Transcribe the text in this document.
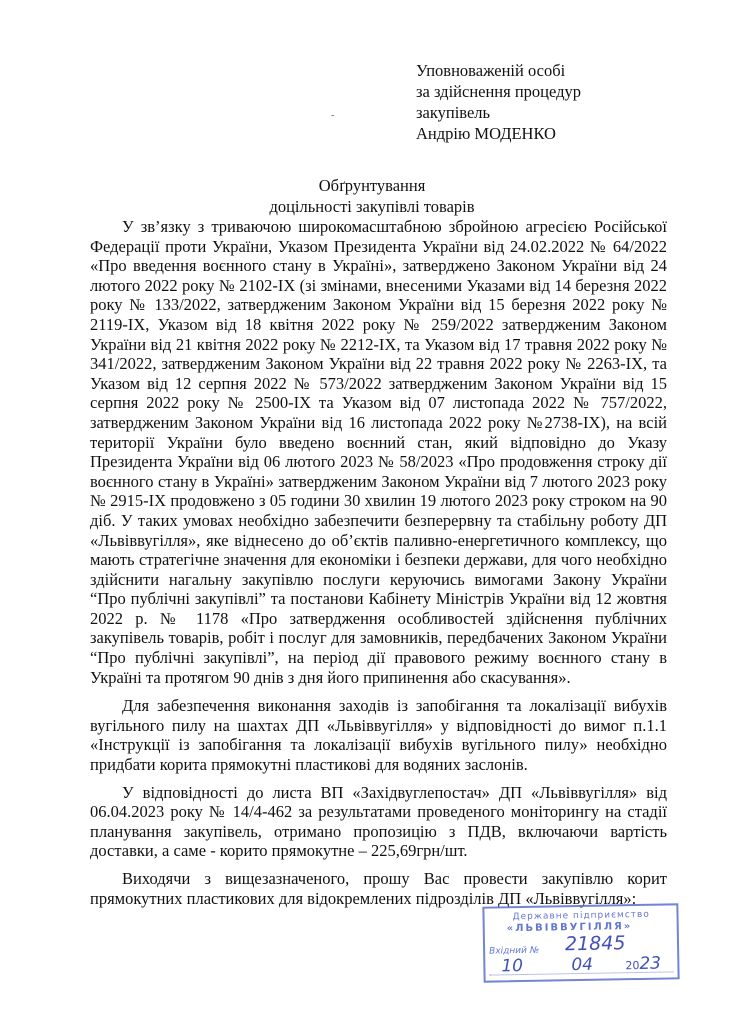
Уповноваженій особі
за здійснення процедур
закупівель
Андрію МОДЕНКО
-
Обґрунтування
доцільності закупівлі товарів

У зв’язку з триваючою широкомасштабною збройною агресією Російської Федерації проти України, Указом Президента України від 24.02.2022 № 64/2022 «Про введення воєнного стану в Україні», затверджено Законом України від 24 лютого 2022 року № 2102-IX (зі змінами, внесеними Указами від 14 березня 2022 року № 133/2022, затвердженим Законом України від 15 березня 2022 року № 2119-IX, Указом від 18 квітня 2022 року № 259/2022 затвердженим Законом України від 21 квітня 2022 року № 2212-IX, та Указом від 17 травня 2022 року № 341/2022, затвердженим Законом України від 22 травня 2022 року № 2263-IX, та Указом від 12 серпня 2022 № 573/2022 затвердженим Законом України від 15 серпня 2022 року № 2500-IX та Указом від 07 листопада 2022 № 757/2022, затвердженим Законом України від 16 листопада 2022 року №2738-IX), на всій території України було введено воєнний стан, який відповідно до Указу Президента України від 06 лютого 2023 № 58/2023 «Про продовження строку дії воєнного стану в Україні» затвердженим Законом України від 7 лютого 2023 року № 2915-IX продовжено з 05 години 30 хвилин 19 лютого 2023 року строком на 90 діб. У таких умовах необхідно забезпечити безперервну та стабільну роботу ДП «Львіввугілля», яке віднесено до об’єктів паливно-енергетичного комплексу, що мають стратегічне значення для економіки і безпеки держави, для чого необхідно здійснити нагальну закупівлю послуги керуючись вимогами Закону України “Про публічні закупівлі” та постанови Кабінету Міністрів України від 12 жовтня 2022 р. № 1178 «Про затвердження особливостей здійснення публічних закупівель товарів, робіт і послуг для замовників, передбачених Законом України “Про публічні закупівлі”, на період дії правового режиму воєнного стану в Україні та протягом 90 днів з дня його припинення або скасування».

Для забезпечення виконання заходів із запобігання та локалізації вибухів вугільного пилу на шахтах ДП «Львіввугілля» у відповідності до вимог п.1.1 «Інструкції із запобігання та локалізації вибухів вугільного пилу» необхідно придбати корита прямокутні пластикові для водяних заслонів.

У відповідності до листа ВП «Західвуглепостач» ДП «Львіввугілля» від 06.04.2023 року № 14/4-462 за результатами проведеного моніторингу на стадії планування закупівель, отримано пропозицію з ПДВ, включаючи вартість доставки, а саме - корито прямокутне – 225,69грн/шт.

Виходячи з вищезазначеного, прошу Вас провести закупівлю корит прямокутних пластикових для відокремлених підрозділів ДП «Львіввугілля»:

Державне підприємство
«ЛЬВІВВУГІЛЛЯ»
Вхідний № 21845
10	04	20 23
